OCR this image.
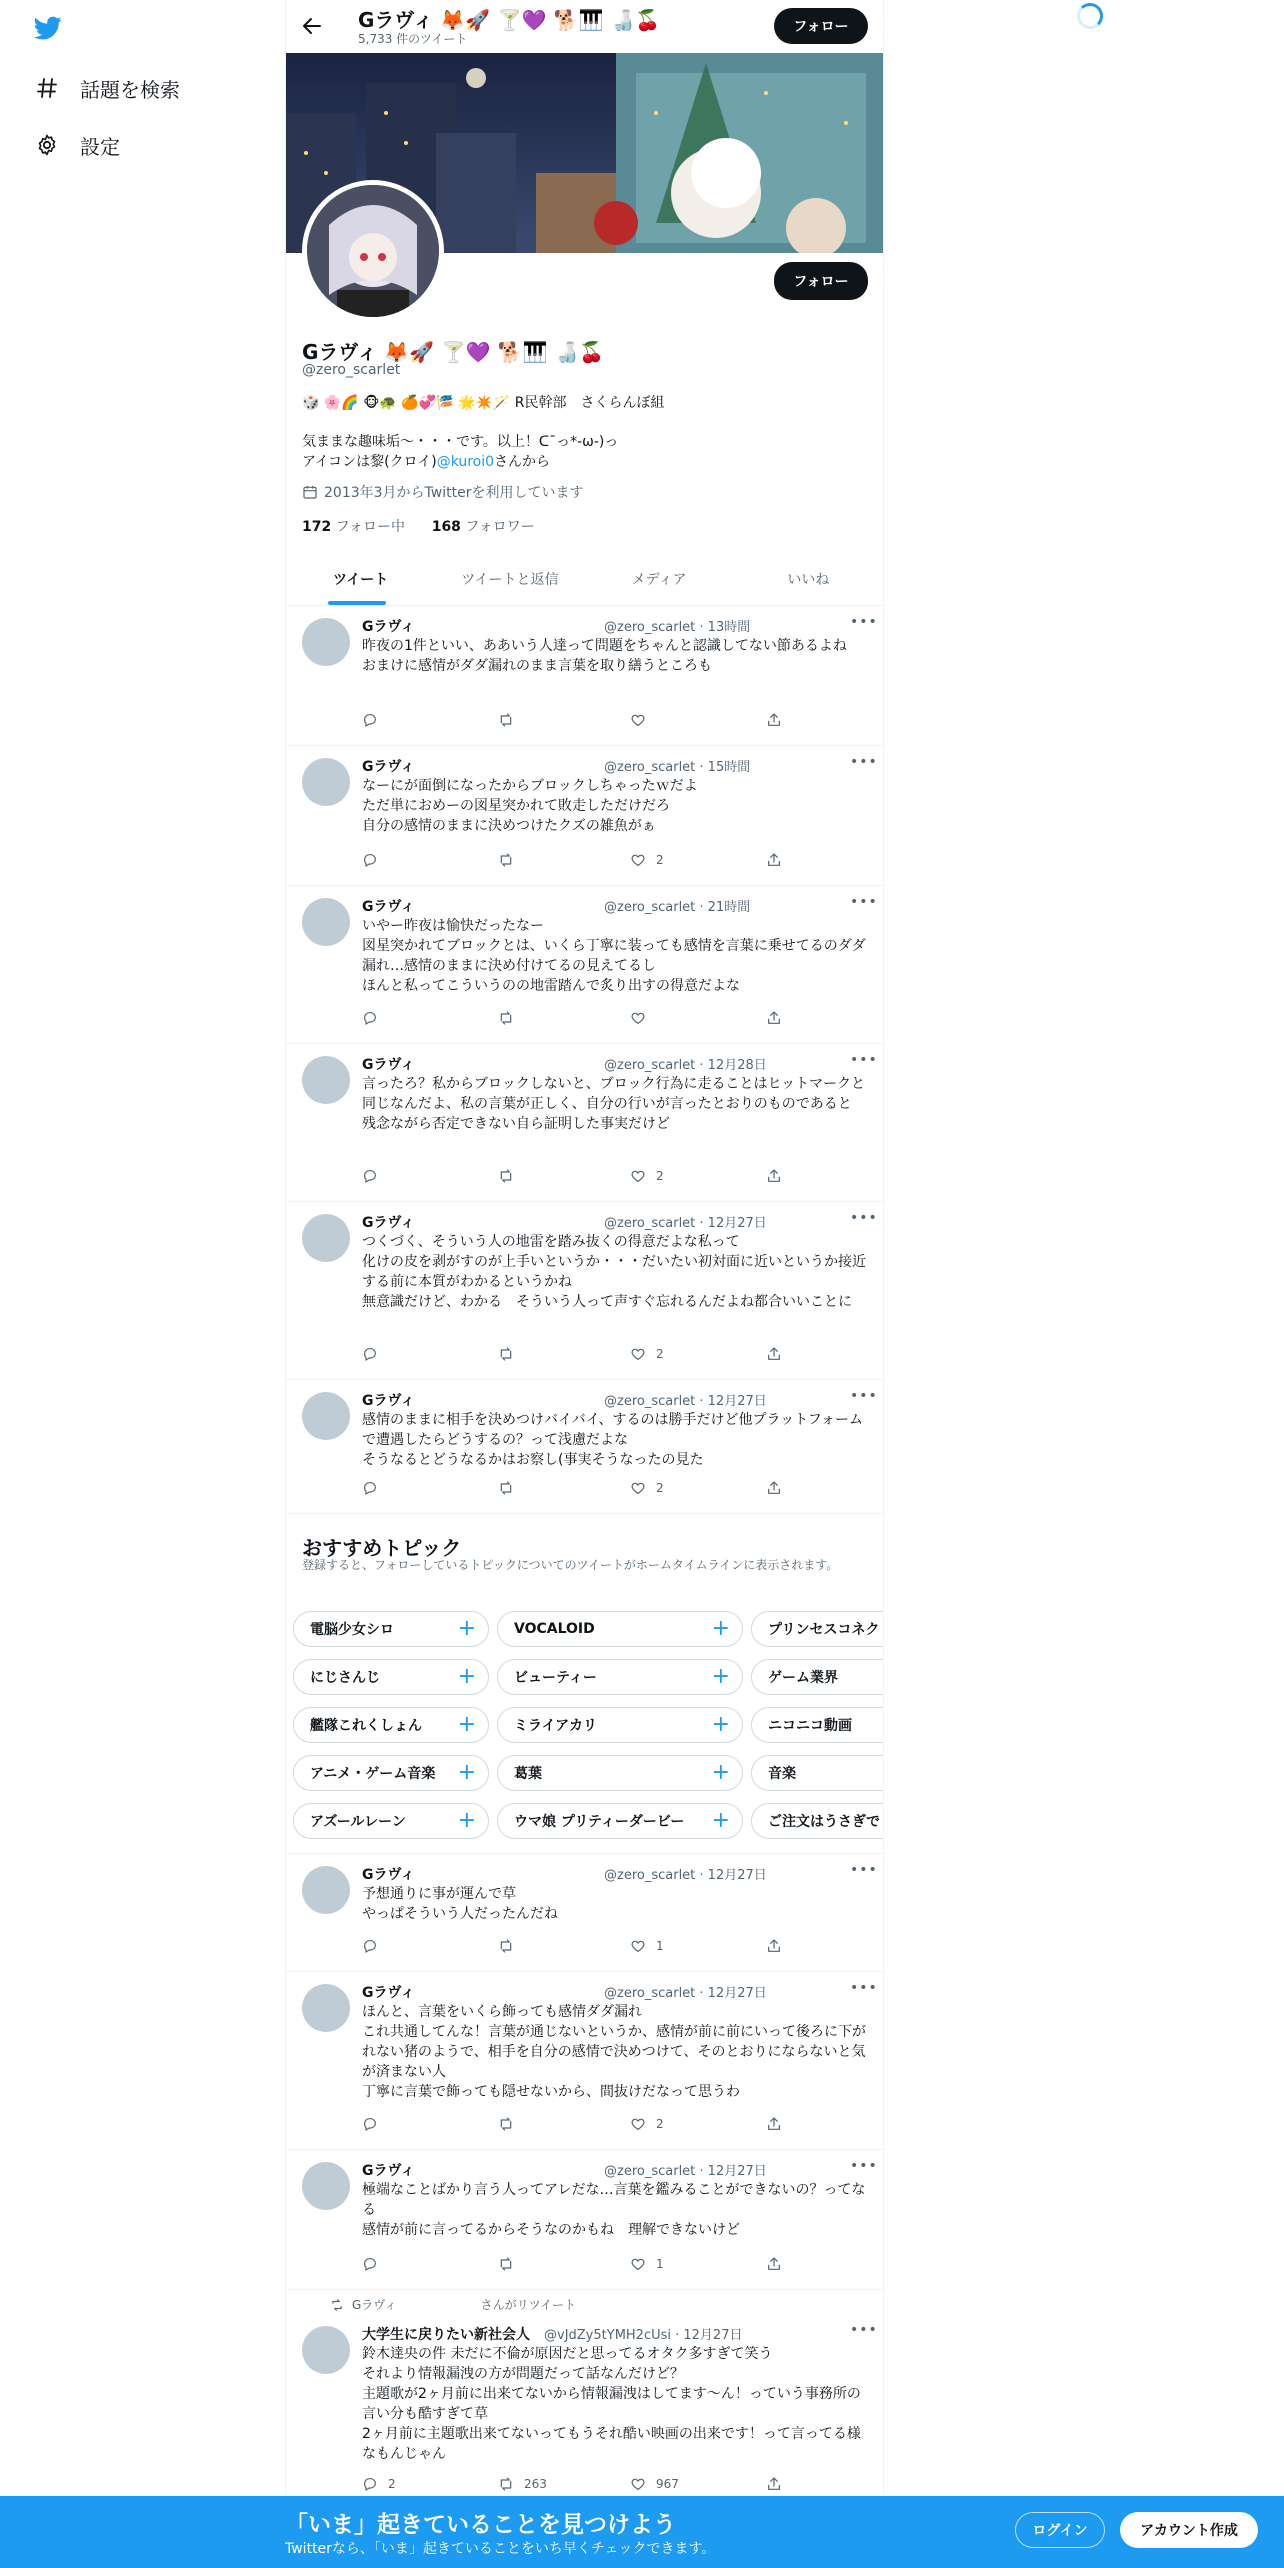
話題を検索
設定
Gラヴィ 🦊🚀 🍸💜 🐕🎹 🍶🍒
5,733 件のツイート
フォロー
フォロー
Gラヴィ 🦊🚀 🍸💜 🐕🎹 🍶🍒
@zero_scarlet
🎲 🌸🌈 🐵🐢 🍊💞🎏 🌟✴️🪄 R民幹部　さくらんぼ組
気ままな趣味垢～・・・です。以上！ᑕ¯っ*-ω-)っ
アイコンは黎(クロイ)@kuroi0さんから
2013年3月からTwitterを利用しています
172 フォロー中 168 フォロワー
ツイート	ツイートと返信	メディア	いいね
Gラヴィ	@zero_scarlet · 13時間	•••
昨夜の1件といい、ああいう人達って問題をちゃんと認識してない節あるよね
おまけに感情がダダ漏れのまま言葉を取り繕うところも
Gラヴィ	@zero_scarlet · 15時間	•••
なーにが面倒になったからブロックしちゃったｗだよ
ただ単におめーの図星突かれて敗走しただけだろ
自分の感情のままに決めつけたクズの雑魚がぁ
2
Gラヴィ	@zero_scarlet · 21時間	•••
いやー昨夜は愉快だったなー
図星突かれてブロックとは、いくら丁寧に装っても感情を言葉に乗せてるのダダ漏れ…感情のままに決め付けてるの見えてるし
ほんと私ってこういうのの地雷踏んで炙り出すの得意だよな
Gラヴィ	@zero_scarlet · 12月28日	•••
言ったろ？私からブロックしないと、ブロック行為に走ることはヒットマークと同じなんだよ、私の言葉が正しく、自分の行いが言ったとおりのものであると
残念ながら否定できない自ら証明した事実だけど
2
Gラヴィ	@zero_scarlet · 12月27日	•••
つくづく、そういう人の地雷を踏み抜くの得意だよな私って
化けの皮を剥がすのが上手いというか・・・だいたい初対面に近いというか接近する前に本質がわかるというかね
無意識だけど、わかる　そういう人って声すぐ忘れるんだよね都合いいことに
2
Gラヴィ	@zero_scarlet · 12月27日	•••
感情のままに相手を決めつけバイバイ、するのは勝手だけど他プラットフォームで遭遇したらどうするの？って浅慮だよな
そうなるとどうなるかはお察し(事実そうなったの見た
2
Gラヴィ	@zero_scarlet · 12月27日	•••
予想通りに事が運んで草
やっぱそういう人だったんだね
1
Gラヴィ	@zero_scarlet · 12月27日	•••
ほんと、言葉をいくら飾っても感情ダダ漏れ
これ共通してんな！言葉が通じないというか、感情が前に前にいって後ろに下がれない猪のようで、相手を自分の感情で決めつけて、そのとおりにならないと気が済まない人
丁寧に言葉で飾っても隠せないから、間抜けだなって思うわ
2
Gラヴィ	@zero_scarlet · 12月27日	•••
極端なことばかり言う人ってアレだな…言葉を鑑みることができないの？ってなる
感情が前に言ってるからそうなのかもね　理解できないけど
1
おすすめトピック
登録すると、フォローしているトピックについてのツイートがホームタイムラインに表示されます。
電脳少女シロ	+	VOCALOID	+	プリンセスコネク
にじさんじ	+	ビューティー	+	ゲーム業界
艦隊これくしょん +	ミライアカリ	+	ニコニコ動画
アニメ・ゲーム音楽 +	葛葉	+	音楽
アズールレーン +	ウマ娘 プリティーダービー +	ご注文はうさぎで
Gラヴィ　　　　　　　さんがリツイート
大学生に戻りたい新社会人 @vJdZy5tYMH2cUsi · 12月27日	•••
鈴木達央の件 未だに不倫が原因だと思ってるオタク多すぎて笑う
それより情報漏洩の方が問題だって話なんだけど？
主題歌が2ヶ月前に出来てないから情報漏洩はしてます〜ん！っていう事務所の言い分も酷すぎて草
2ヶ月前に主題歌出来てないってもうそれ酷い映画の出来です！って言ってる様なもんじゃん
2	263	967
「いま」起きていることを見つけよう
Twitterなら、「いま」起きていることをいち早くチェックできます。
ログイン	アカウント作成
